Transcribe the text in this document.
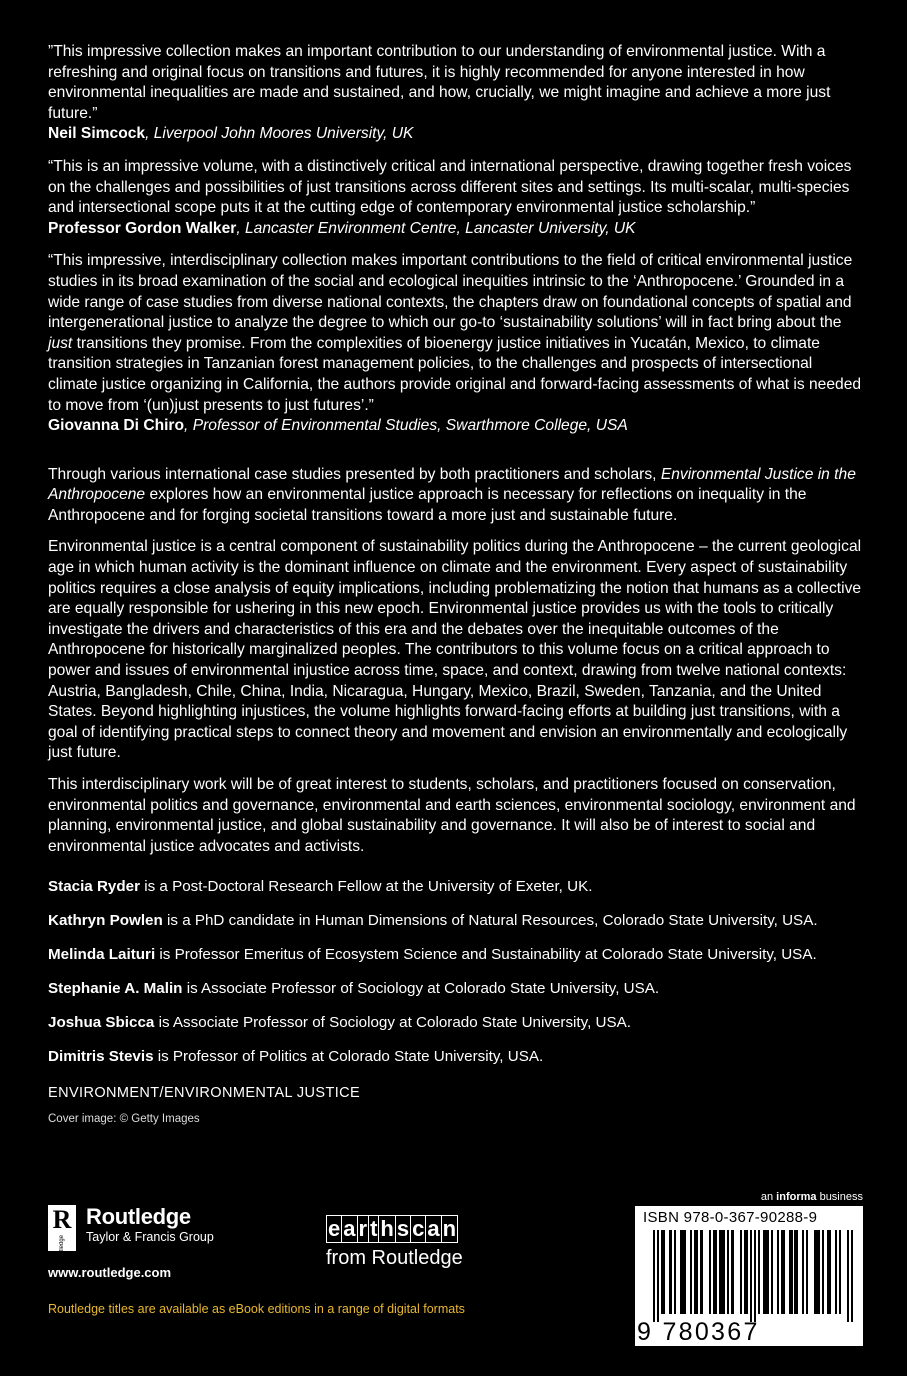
”This impressive collection makes an important contribution to our understanding of environmental justice. With a refreshing and original focus on transitions and futures, it is highly recommended for anyone interested in how environmental inequalities are made and sustained, and how, crucially, we might imagine and achieve a more just future.”

Neil Simcock, Liverpool John Moores University, UK

“This is an impressive volume, with a distinctively critical and international perspective, drawing together fresh voices on the challenges and possibilities of just transitions across different sites and settings. Its multi-scalar, multi-species and intersectional scope puts it at the cutting edge of contemporary environmental justice scholarship.”

Professor Gordon Walker, Lancaster Environment Centre, Lancaster University, UK

“This impressive, interdisciplinary collection makes important contributions to the field of critical environmental justice studies in its broad examination of the social and ecological inequities intrinsic to the ‘Anthropocene.’ Grounded in a wide range of case studies from diverse national contexts, the chapters draw on foundational concepts of spatial and intergenerational justice to analyze the degree to which our go-to ‘sustainability solutions’ will in fact bring about the just transitions they promise. From the complexities of bioenergy justice initiatives in Yucatán, Mexico, to climate transition strategies in Tanzanian forest management policies, to the challenges and prospects of intersectional climate justice organizing in California, the authors provide original and forward-facing assessments of what is needed to move from ‘(un)just presents to just futures’.”

Giovanna Di Chiro, Professor of Environmental Studies, Swarthmore College, USA

Through various international case studies presented by both practitioners and scholars, Environmental Justice in the Anthropocene explores how an environmental justice approach is necessary for reflections on inequality in the Anthropocene and for forging societal transitions toward a more just and sustainable future.

Environmental justice is a central component of sustainability politics during the Anthropocene – the current geological age in which human activity is the dominant influence on climate and the environment. Every aspect of sustainability politics requires a close analysis of equity implications, including problematizing the notion that humans as a collective are equally responsible for ushering in this new epoch. Environmental justice provides us with the tools to critically investigate the drivers and characteristics of this era and the debates over the inequitable outcomes of the Anthropocene for historically marginalized peoples. The contributors to this volume focus on a critical approach to power and issues of environmental injustice across time, space, and context, drawing from twelve national contexts: Austria, Bangladesh, Chile, China, India, Nicaragua, Hungary, Mexico, Brazil, Sweden, Tanzania, and the United States. Beyond highlighting injustices, the volume highlights forward-facing efforts at building just transitions, with a goal of identifying practical steps to connect theory and movement and envision an environmentally and ecologically just future.

This interdisciplinary work will be of great interest to students, scholars, and practitioners focused on conservation, environmental politics and governance, environmental and earth sciences, environmental sociology, environment and planning, environmental justice, and global sustainability and governance. It will also be of interest to social and environmental justice advocates and activists.

Stacia Ryder is a Post-Doctoral Research Fellow at the University of Exeter, UK.

Kathryn Powlen is a PhD candidate in Human Dimensions of Natural Resources, Colorado State University, USA.

Melinda Laituri is Professor Emeritus of Ecosystem Science and Sustainability at Colorado State University, USA.

Stephanie A. Malin is Associate Professor of Sociology at Colorado State University, USA.

Joshua Sbicca is Associate Professor of Sociology at Colorado State University, USA.

Dimitris Stevis is Professor of Politics at Colorado State University, USA.

ENVIRONMENT/ENVIRONMENTAL JUSTICE
Cover image: © Getty Images
R
Routledge
Routledge
Taylor & Francis Group
www.routledge.com
e a r t h s c a n
from Routledge
an informa business
ISBN 978-0-367-90288-9
9 780367 902889
Routledge titles are available as eBook editions in a range of digital formats
